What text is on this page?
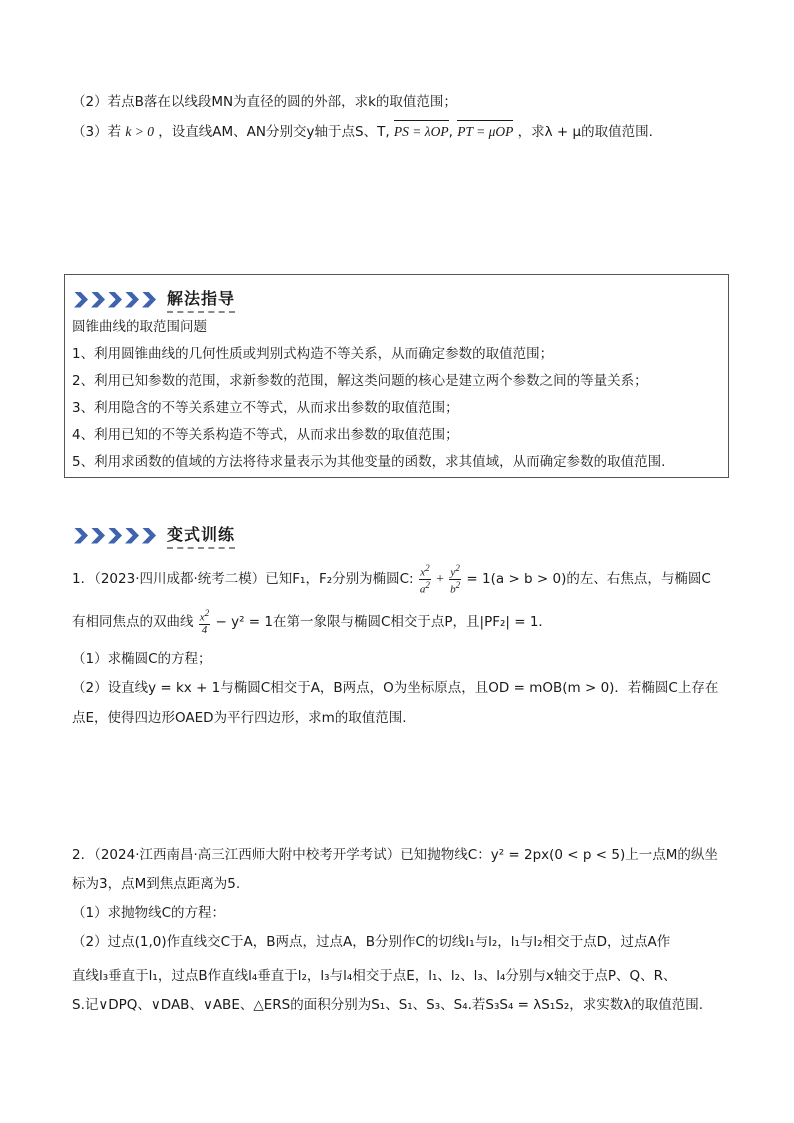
（2）若点B落在以线段MN为直径的圆的外部，求k的取值范围；
（3）若 k > 0 ，设直线AM、AN分别交y轴于点S、T, PS = λOP, PT = μOP ，求λ + μ的取值范围.
解法指导
圆锥曲线的取范围问题
1、利用圆锥曲线的几何性质或判别式构造不等关系，从而确定参数的取值范围；
2、利用已知参数的范围，求新参数的范围，解这类问题的核心是建立两个参数之间的等量关系；
3、利用隐含的不等关系建立不等式，从而求出参数的取值范围；
4、利用已知的不等关系构造不等式，从而求出参数的取值范围；
5、利用求函数的值域的方法将待求量表示为其他变量的函数，求其值域，从而确定参数的取值范围.
变式训练
1．（2023·四川成都·统考二模）已知F₁，F₂分别为椭圆C: $\frac{x^2}{a^2} + \frac{y^2}{b^2} = 1(a > b > 0)$的左、右焦点，与椭圆C
有相同焦点的双曲线 $\frac{x^2}{4} - y^2 = 1$在第一象限与椭圆C相交于点P，且|PF₂| = 1．
（1）求椭圆C的方程；
（2）设直线y = kx + 1与椭圆C相交于A，B两点，O为坐标原点，且OD = mOB(m > 0)．若椭圆C上存在
点E，使得四边形OAED为平行四边形，求m的取值范围.
2．（2024·江西南昌·高三江西师大附中校考开学考试）已知抛物线C：y² = 2px(0 < p < 5)上一点M的纵坐
标为3，点M到焦点距离为5.
（1）求抛物线C的方程：
（2）过点(1,0)作直线交C于A，B两点，过点A，B分别作C的切线l₁与l₂，l₁与l₂相交于点D，过点A作
直线l₃垂直于l₁，过点B作直线l₄垂直于l₂，l₃与l₄相交于点E，l₁、l₂、l₃、l₄分别与x轴交于点P、Q、R、
S.记∨DPQ、∨DAB、∨ABE、△ERS的面积分别为S₁、S₁、S₃、S₄.若S₃S₄ = λS₁S₂，求实数λ的取值范围.
